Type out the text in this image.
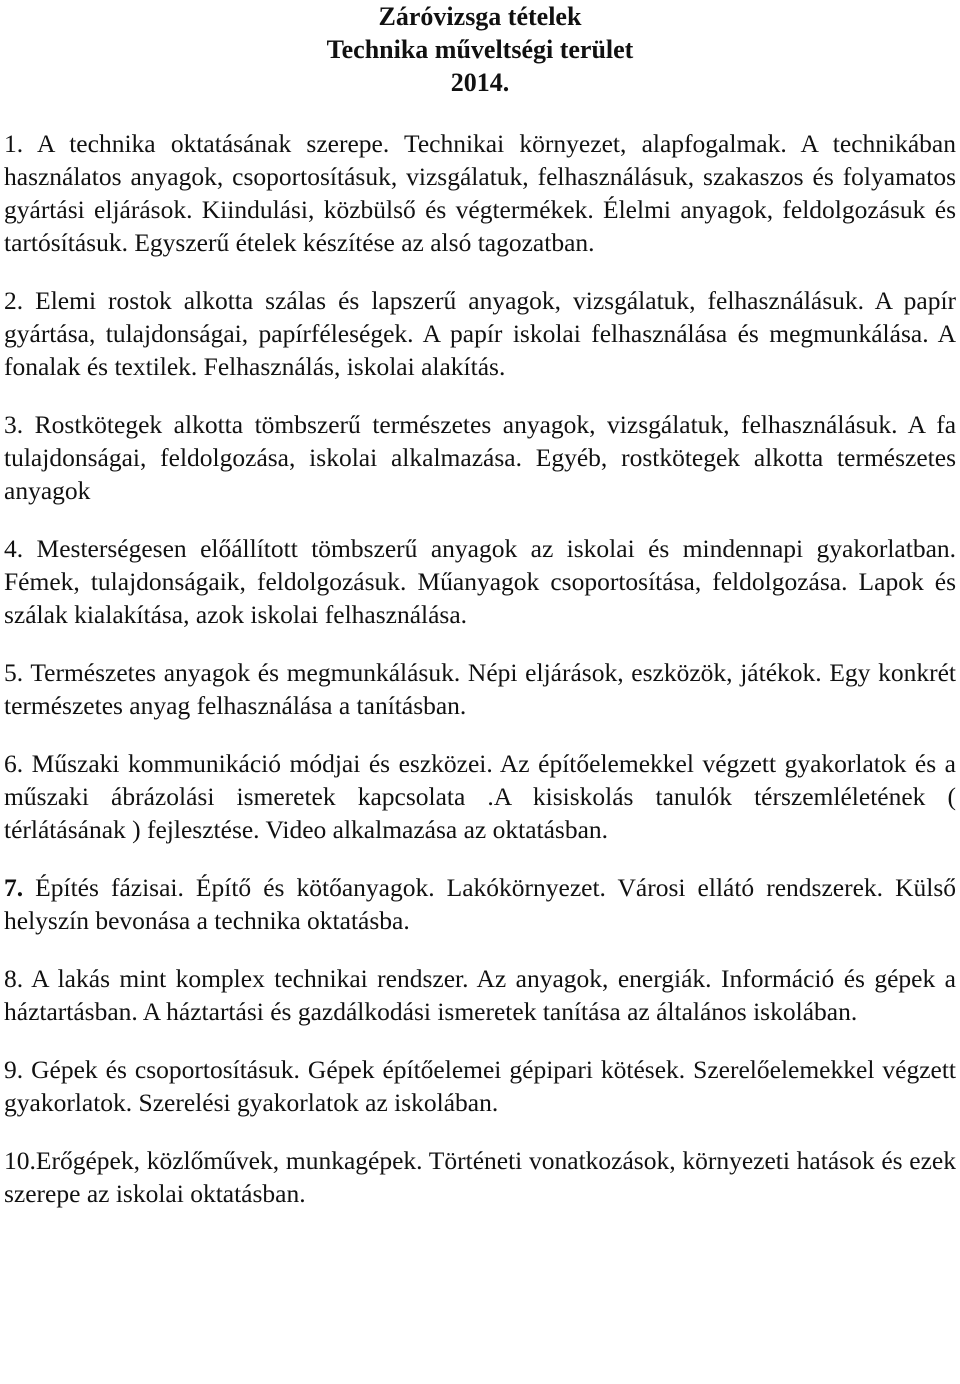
Záróvizsga tételek
Technika műveltségi terület
2014.

1. A technika oktatásának szerepe. Technikai környezet, alapfogalmak. A technikában használatos anyagok, csoportosításuk, vizsgálatuk, felhasználásuk, szakaszos és folyamatos gyártási eljárások. Kiindulási, közbülső és végtermékek. Élelmi anyagok, feldolgozásuk és tartósításuk. Egyszerű ételek készítése az alsó tagozatban.

2. Elemi rostok alkotta szálas és lapszerű anyagok, vizsgálatuk, felhasználásuk. A papír gyártása, tulajdonságai, papírféleségek. A papír iskolai felhasználása és megmunkálása. A fonalak és textilek. Felhasználás, iskolai alakítás.

3. Rostkötegek alkotta tömbszerű természetes anyagok, vizsgálatuk, felhasználásuk. A fa tulajdonságai, feldolgozása, iskolai alkalmazása. Egyéb, rostkötegek alkotta természetes anyagok

4. Mesterségesen előállított tömbszerű anyagok az iskolai és mindennapi gyakorlatban. Fémek, tulajdonságaik, feldolgozásuk. Műanyagok csoportosítása, feldolgozása. Lapok és szálak kialakítása, azok iskolai felhasználása.

5. Természetes anyagok és megmunkálásuk. Népi eljárások, eszközök, játékok. Egy konkrét természetes anyag felhasználása a tanításban.

6. Műszaki kommunikáció módjai és eszközei. Az építőelemekkel végzett gyakorlatok és a műszaki ábrázolási ismeretek kapcsolata .A kisiskolás tanulók térszemléletének ( térlátásának ) fejlesztése. Video alkalmazása az oktatásban.

7. Építés fázisai. Építő és kötőanyagok. Lakókörnyezet. Városi ellátó rendszerek. Külső helyszín bevonása a technika oktatásba.

8. A lakás mint komplex technikai rendszer. Az anyagok, energiák. Információ és gépek a háztartásban. A háztartási és gazdálkodási ismeretek tanítása az általános iskolában.

9. Gépek és csoportosításuk. Gépek építőelemei gépipari kötések. Szerelőelemekkel végzett gyakorlatok. Szerelési gyakorlatok az iskolában.

10.Erőgépek, közlőművek, munkagépek. Történeti vonatkozások, környezeti hatások és ezek szerepe az iskolai oktatásban.
